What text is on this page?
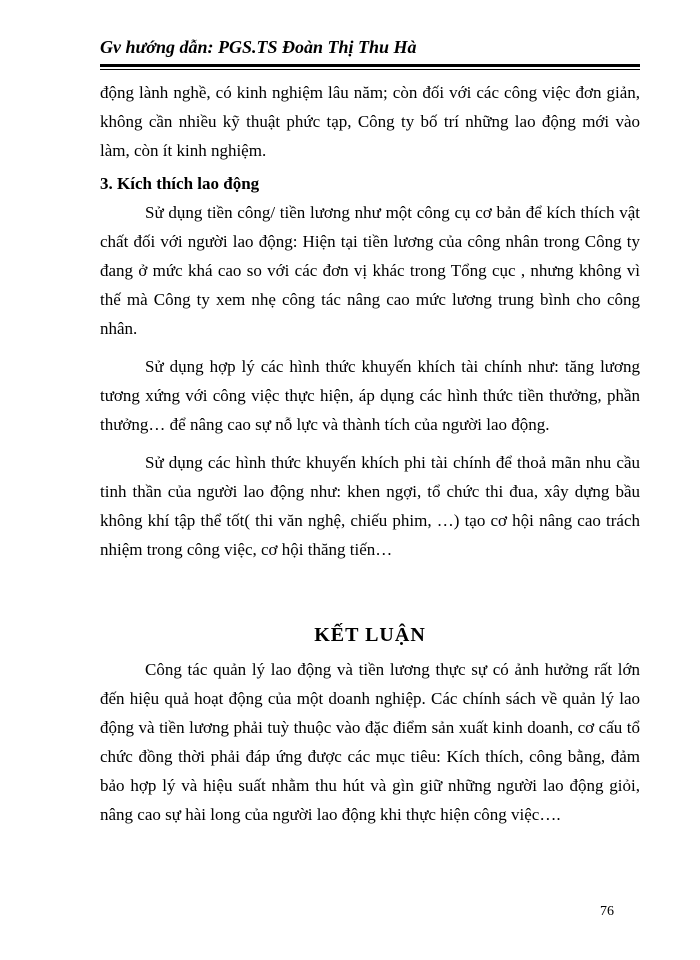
Gv hướng dẫn: PGS.TS Đoàn Thị Thu Hà

động lành nghề, có kinh nghiệm lâu năm; còn đối với các công việc đơn giản, không cần nhiều kỹ thuật phức tạp, Công ty bố trí những lao động mới vào làm, còn ít kinh nghiệm.

3. Kích thích lao động

Sử dụng tiền công/ tiền lương như một công cụ cơ bản để kích thích vật chất đối với người lao động: Hiện tại tiền lương của công nhân trong Công ty đang ở mức khá cao so với các đơn vị khác trong Tổng cục , nhưng không vì thế mà Công ty xem nhẹ công tác nâng cao mức lương trung bình cho công nhân.

Sử dụng hợp lý các hình thức khuyến khích tài chính như: tăng lương tương xứng với công việc thực hiện, áp dụng các hình thức tiền thưởng, phần thưởng… để nâng cao sự nỗ lực và thành tích của người lao động.

Sử dụng các hình thức khuyến khích phi tài chính để thoả mãn nhu cầu tinh thần của người lao động như: khen ngợi, tổ chức thi đua, xây dựng bầu không khí tập thể tốt( thi văn nghệ, chiếu phim, …) tạo cơ hội nâng cao trách nhiệm trong công việc, cơ hội thăng tiến…

KẾT LUẬN

Công tác quản lý lao động và tiền lương thực sự có ảnh hưởng rất lớn đến hiệu quả hoạt động của một doanh nghiệp. Các chính sách về quản lý lao động và tiền lương phải tuỳ thuộc vào đặc điểm sản xuất kinh doanh, cơ cấu tổ chức đồng thời phải đáp ứng được các mục tiêu: Kích thích, công bằng, đảm bảo hợp lý và hiệu suất nhằm thu hút và gìn giữ những người lao động giỏi, nâng cao sự hài long của người lao động khi thực hiện công việc….

76
